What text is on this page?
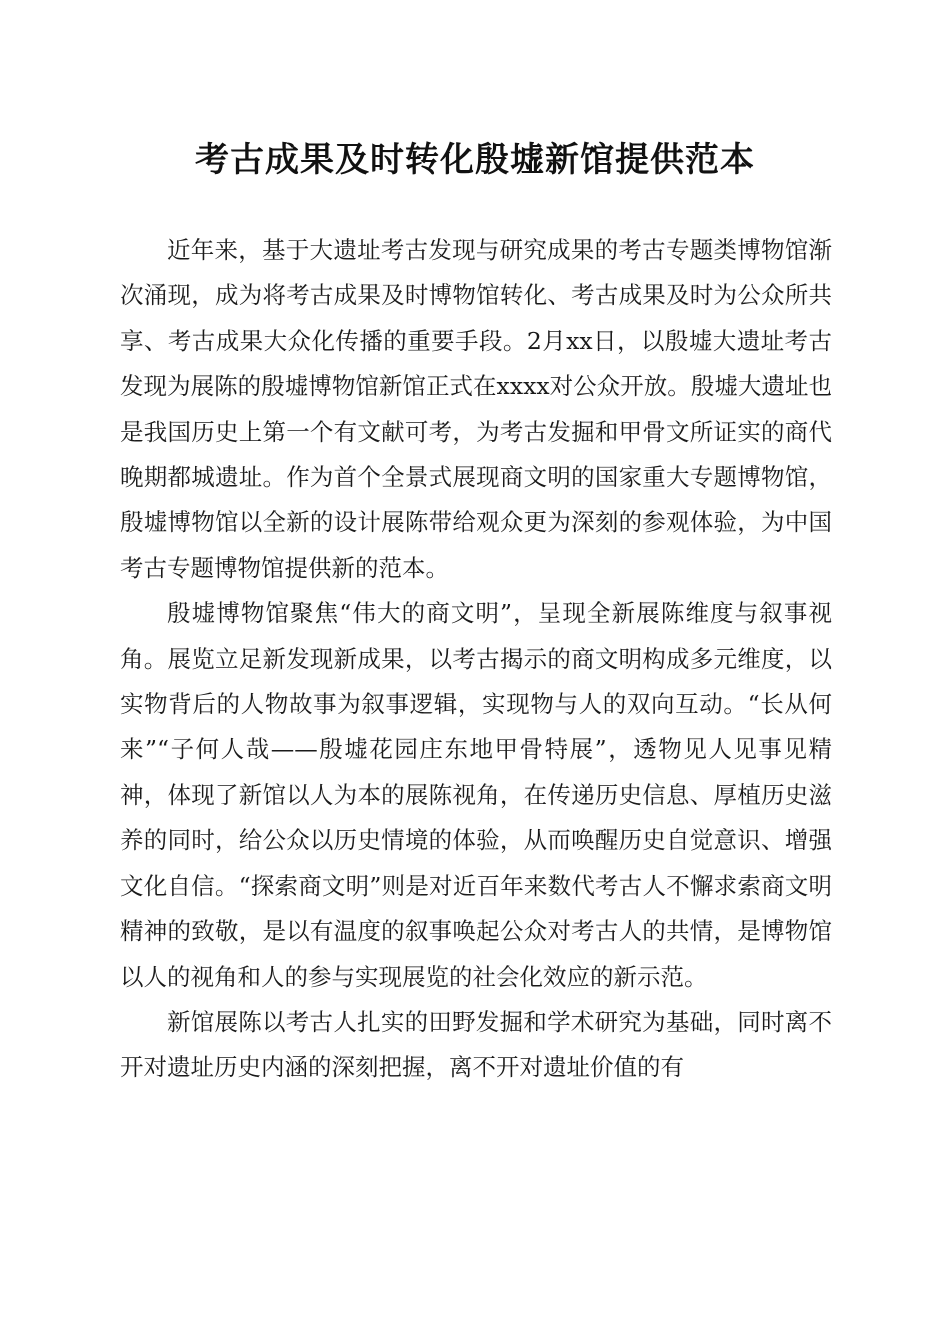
考古成果及时转化殷墟新馆提供范本

近年来，基于大遗址考古发现与研究成果的考古专题类博物馆渐次涌现，成为将考古成果及时博物馆转化、考古成果及时为公众所共享、考古成果大众化传播的重要手段。2月xx日，以殷墟大遗址考古发现为展陈的殷墟博物馆新馆正式在xxxx对公众开放。殷墟大遗址也是我国历史上第一个有文献可考，为考古发掘和甲骨文所证实的商代晚期都城遗址。作为首个全景式展现商文明的国家重大专题博物馆，殷墟博物馆以全新的设计展陈带给观众更为深刻的参观体验，为中国考古专题博物馆提供新的范本。

殷墟博物馆聚焦“伟大的商文明”，呈现全新展陈维度与叙事视角。展览立足新发现新成果，以考古揭示的商文明构成多元维度，以实物背后的人物故事为叙事逻辑，实现物与人的双向互动。“长从何来”“子何人哉——殷墟花园庄东地甲骨特展”，透物见人见事见精神，体现了新馆以人为本的展陈视角，在传递历史信息、厚植历史滋养的同时，给公众以历史情境的体验，从而唤醒历史自觉意识、增强文化自信。“探索商文明”则是对近百年来数代考古人不懈求索商文明精神的致敬，是以有温度的叙事唤起公众对考古人的共情，是博物馆以人的视角和人的参与实现展览的社会化效应的新示范。

新馆展陈以考古人扎实的田野发掘和学术研究为基础，同时离不开对遗址历史内涵的深刻把握，离不开对遗址价值的有
